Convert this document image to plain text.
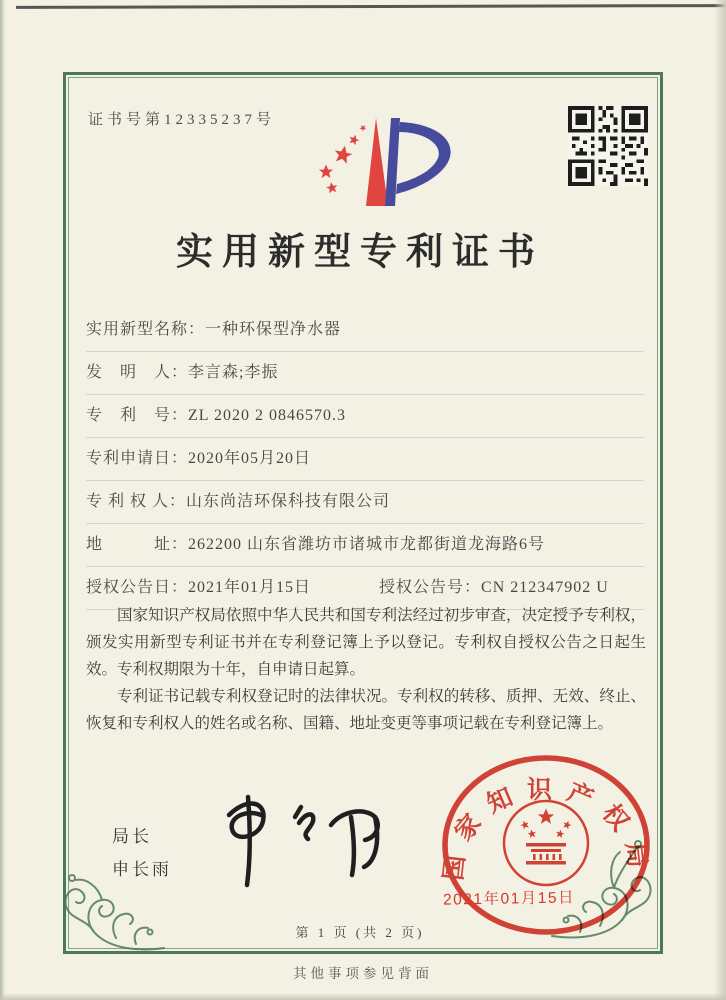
证书号第12335237号
实用新型专利证书
实用新型名称：一种环保型净水器
发　明　人：李言森;李振
专　利　号：ZL 2020 2 0846570.3
专利申请日：2020年05月20日
专 利 权 人：山东尚洁环保科技有限公司
地　　　址：262200 山东省潍坊市诸城市龙都街道龙海路6号
授权公告日：2021年01月15日	授权公告号：CN 212347902 U

国家知识产权局依照中华人民共和国专利法经过初步审查，决定授予专利权，颁发实用新型专利证书并在专利登记簿上予以登记。专利权自授权公告之日起生效。专利权期限为十年，自申请日起算。

专利证书记载专利权登记时的法律状况。专利权的转移、质押、无效、终止、恢复和专利权人的姓名或名称、国籍、地址变更等事项记载在专利登记簿上。

局长
申长雨	国家知识产权局
2021年01月15日
第 1 页 (共 2 页)
其他事项参见背面
